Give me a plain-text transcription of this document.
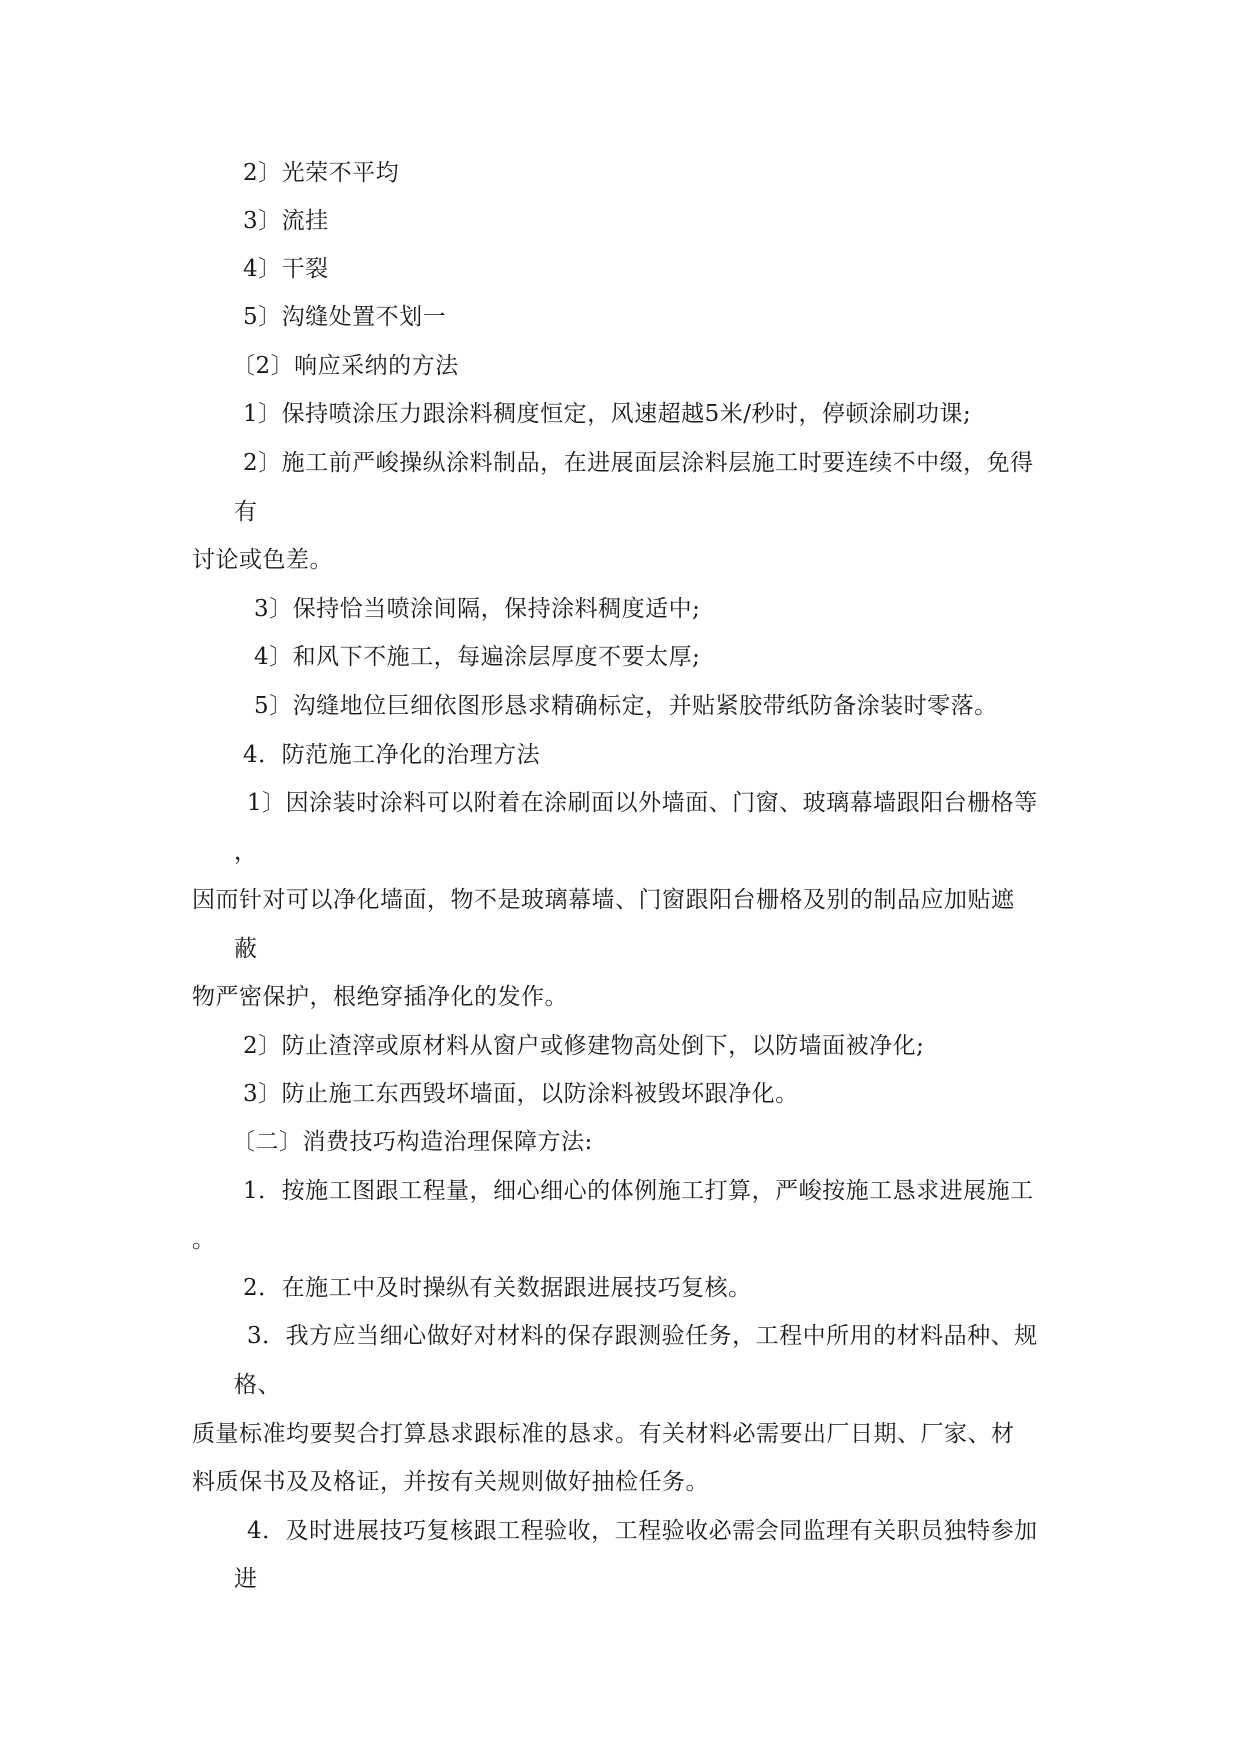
2〕光荣不平均

3〕流挂

4〕干裂

5〕沟缝处置不划一

〔2〕响应采纳的方法

1〕保持喷涂压力跟涂料稠度恒定，风速超越5米/秒时，停顿涂刷功课;

2〕施工前严峻操纵涂料制品，在进展面层涂料层施工时要连续不中缀，免得

有

讨论或色差。

3〕保持恰当喷涂间隔，保持涂料稠度适中;

4〕和风下不施工，每遍涂层厚度不要太厚;

5〕沟缝地位巨细依图形恳求精确标定，并贴紧胶带纸防备涂装时零落。

4．防范施工净化的治理方法

1〕因涂装时涂料可以附着在涂刷面以外墙面、门窗、玻璃幕墙跟阳台栅格等

，

因而针对可以净化墙面，物不是玻璃幕墙、门窗跟阳台栅格及别的制品应加贴遮

蔽

物严密保护，根绝穿插净化的发作。

2〕防止渣滓或原材料从窗户或修建物高处倒下，以防墙面被净化;

3〕防止施工东西毁坏墙面，以防涂料被毁坏跟净化。

〔二〕消费技巧构造治理保障方法:

1．按施工图跟工程量，细心细心的体例施工打算，严峻按施工恳求进展施工

。

2．在施工中及时操纵有关数据跟进展技巧复核。

3．我方应当细心做好对材料的保存跟测验任务，工程中所用的材料品种、规

格、

质量标准均要契合打算恳求跟标准的恳求。有关材料必需要出厂日期、厂家、材

料质保书及及格证，并按有关规则做好抽检任务。

4．及时进展技巧复核跟工程验收，工程验收必需会同监理有关职员独特参加

进
